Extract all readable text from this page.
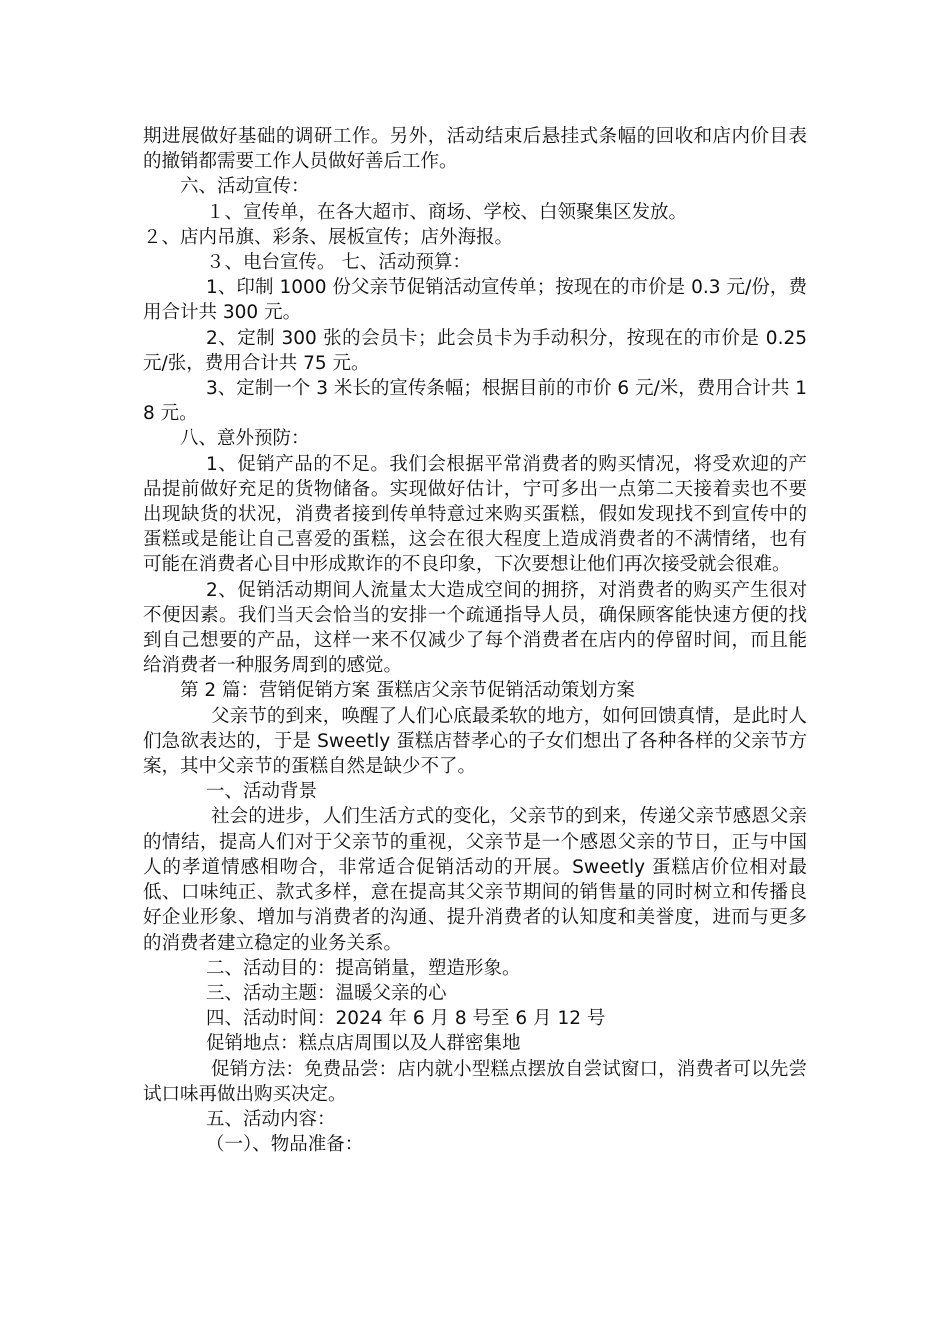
期进展做好基础的调研工作。另外，活动结束后悬挂式条幅的回收和店内价目表的撤销都需要工作人员做好善后工作。

六、活动宣传：

１、宣传单，在各大超市、商场、学校、白领聚集区发放。

２、店内吊旗、彩条、展板宣传；店外海报。

３、电台宣传。 七、活动预算：

1、印制 1000 份父亲节促销活动宣传单；按现在的市价是 0.3 元/份，费用合计共 300 元。

2、定制 300 张的会员卡；此会员卡为手动积分，按现在的市价是 0.25 元/张，费用合计共 75 元。

3、定制一个 3 米长的宣传条幅；根据目前的市价 6 元/米，费用合计共 18 元。

八、意外预防：

1、促销产品的不足。我们会根据平常消费者的购买情况，将受欢迎的产品提前做好充足的货物储备。实现做好估计，宁可多出一点第二天接着卖也不要出现缺货的状况，消费者接到传单特意过来购买蛋糕，假如发现找不到宣传中的蛋糕或是能让自己喜爱的蛋糕，这会在很大程度上造成消费者的不满情绪，也有可能在消费者心目中形成欺诈的不良印象，下次要想让他们再次接受就会很难。

2、促销活动期间人流量太大造成空间的拥挤，对消费者的购买产生很对不便因素。我们当天会恰当的安排一个疏通指导人员，确保顾客能快速方便的找到自己想要的产品，这样一来不仅减少了每个消费者在店内的停留时间，而且能给消费者一种服务周到的感觉。

第 2 篇：营销促销方案 蛋糕店父亲节促销活动策划方案

父亲节的到来，唤醒了人们心底最柔软的地方，如何回馈真情，是此时人们急欲表达的，于是 Sweetly 蛋糕店替孝心的子女们想出了各种各样的父亲节方案，其中父亲节的蛋糕自然是缺少不了。

一、活动背景

社会的进步，人们生活方式的变化，父亲节的到来，传递父亲节感恩父亲的情结，提高人们对于父亲节的重视，父亲节是一个感恩父亲的节日，正与中国人的孝道情感相吻合，非常适合促销活动的开展。Sweetly 蛋糕店价位相对最低、口味纯正、款式多样，意在提高其父亲节期间的销售量的同时树立和传播良好企业形象、增加与消费者的沟通、提升消费者的认知度和美誉度，进而与更多的消费者建立稳定的业务关系。

二、活动目的：提高销量，塑造形象。

三、活动主题：温暖父亲的心

四、活动时间：2024 年 6 月 8 号至 6 月 12 号

促销地点：糕点店周围以及人群密集地

促销方法：免费品尝：店内就小型糕点摆放自尝试窗口，消费者可以先尝试口味再做出购买决定。

五、活动内容：

（一）、物品准备：
